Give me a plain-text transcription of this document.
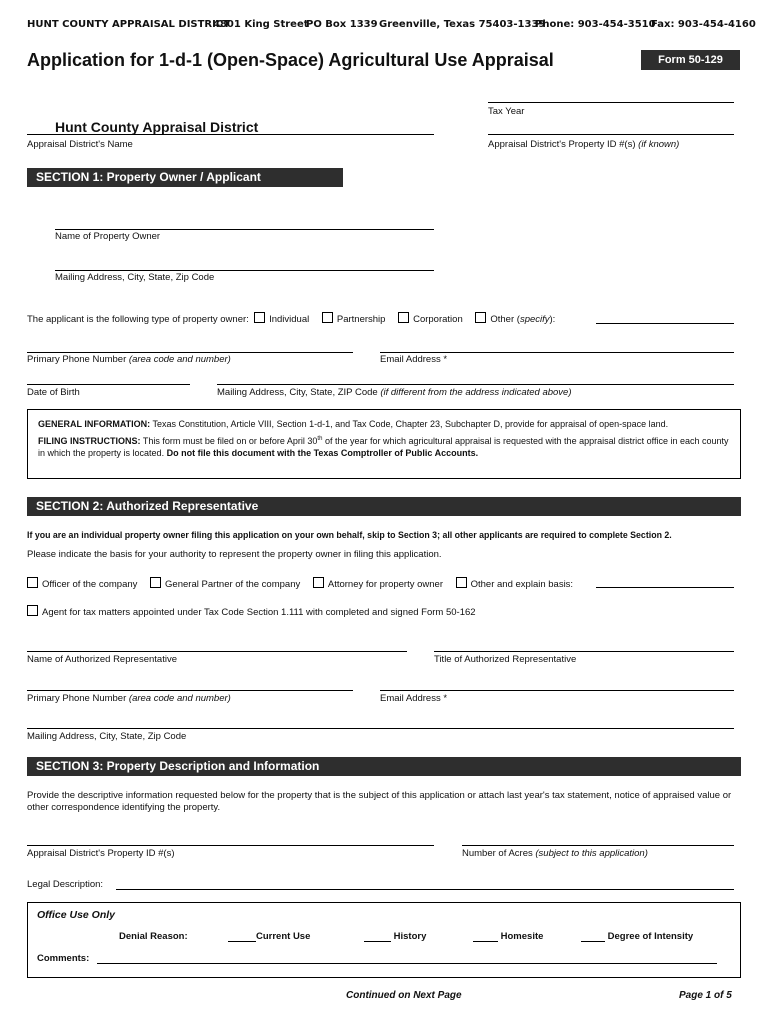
HUNT COUNTY APPRAISAL DISTRICT
4801 King Street
PO Box 1339 Greenville, Texas 75403-1339
Phone: 903-454-3510
Fax: 903-454-4160
Application for 1-d-1 (Open-Space) Agricultural Use Appraisal	Form 50-129
Tax Year
Hunt County Appraisal District
Appraisal District's Name	Appraisal District's Property ID #(s) (if known)
SECTION 1: Property Owner / Applicant
Name of Property Owner
Mailing Address, City, State, Zip Code
The applicant is the following type of property owner: Individual	Partnership	Corporation	Other (specify):
Primary Phone Number (area code and number)	Email Address *
Date of Birth	Mailing Address, City, State, ZIP Code (if different from the address indicated above)
GENERAL INFORMATION: Texas Constitution, Article VIII, Section 1-d-1, and Tax Code, Chapter 23, Subchapter D, provide for appraisal of open-space land.
FILING INSTRUCTIONS: This form must be filed on or before April 30th of the year for which agricultural appraisal is requested with the appraisal district office in each county in which the property is located. Do not file this document with the Texas Comptroller of Public Accounts.
SECTION 2: Authorized Representative
If you are an individual property owner filing this application on your own behalf, skip to Section 3; all other applicants are required to complete Section 2.
Please indicate the basis for your authority to represent the property owner in filing this application.
Officer of the company	General Partner of the company	Attorney for property owner	Other and explain basis:
Agent for tax matters appointed under Tax Code Section 1.111 with completed and signed Form 50-162
Name of Authorized Representative	Title of Authorized Representative
Primary Phone Number (area code and number)	Email Address *
Mailing Address, City, State, Zip Code
SECTION 3: Property Description and Information
Provide the descriptive information requested below for the property that is the subject of this application or attach last year's tax statement, notice of appraised value or other correspondence identifying the property.
Appraisal District's Property ID #(s)	Number of Acres (subject to this application)
Legal Description:
Office Use Only
Denial Reason:	Current Use	History	Homesite	Degree of Intensity
Comments:
Continued on Next Page	Page 1 of 5
